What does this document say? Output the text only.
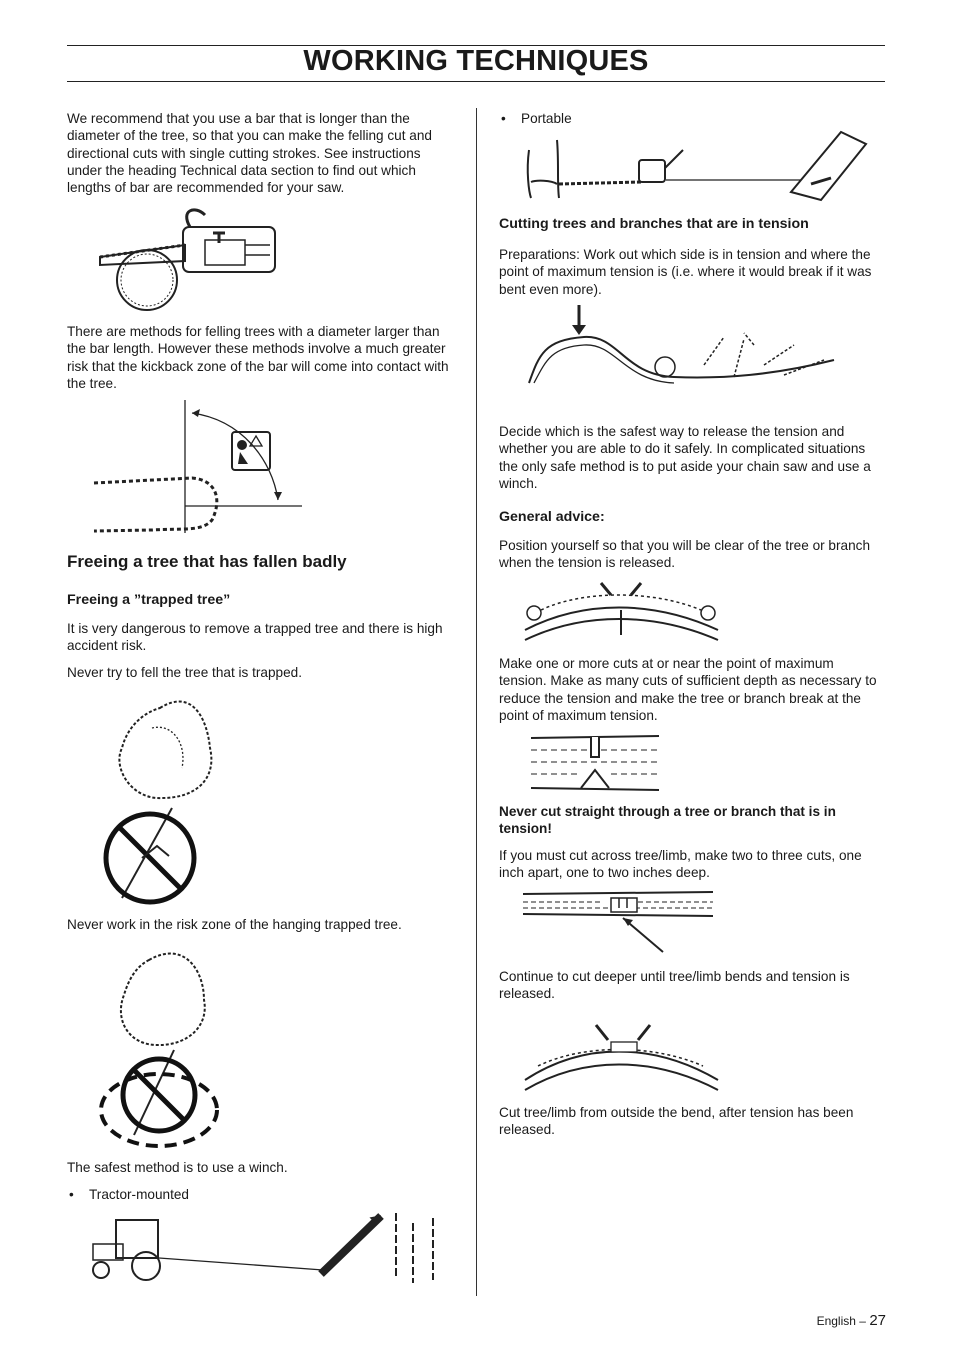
WORKING TECHNIQUES

We recommend that you use a bar that is longer than the diameter of the tree, so that you can make the felling cut and directional cuts with single cutting strokes. See instructions under the heading Technical data section to find out which lengths of bar are recommended for your saw.

There are methods for felling trees with a diameter larger than the bar length. However these methods involve a much greater risk that the kickback zone of the bar will come into contact with the tree.

Freeing a tree that has fallen badly

Freeing a ”trapped tree”

It is very dangerous to remove a trapped tree and there is high accident risk.

Never try to fell the tree that is trapped.

Never work in the risk zone of the hanging trapped tree.

The safest method is to use a winch.

• Tractor-mounted

• Portable

Cutting trees and branches that are in tension

Preparations: Work out which side is in tension and where the point of maximum tension is (i.e. where it would break if it was bent even more).

Decide which is the safest way to release the tension and whether you are able to do it safely. In complicated situations the only safe method is to put aside your chain saw and use a winch.

General advice:

Position yourself so that you will be clear of the tree or branch when the tension is released.

Make one or more cuts at or near the point of maximum tension. Make as many cuts of sufficient depth as necessary to reduce the tension and make the tree or branch break at the point of maximum tension.

Never cut straight through a tree or branch that is in tension!

If you must cut across tree/limb, make two to three cuts, one inch apart, one to two inches deep.

Continue to cut deeper until tree/limb bends and tension is released.

Cut tree/limb from outside the bend, after tension has been released.

English – 27
